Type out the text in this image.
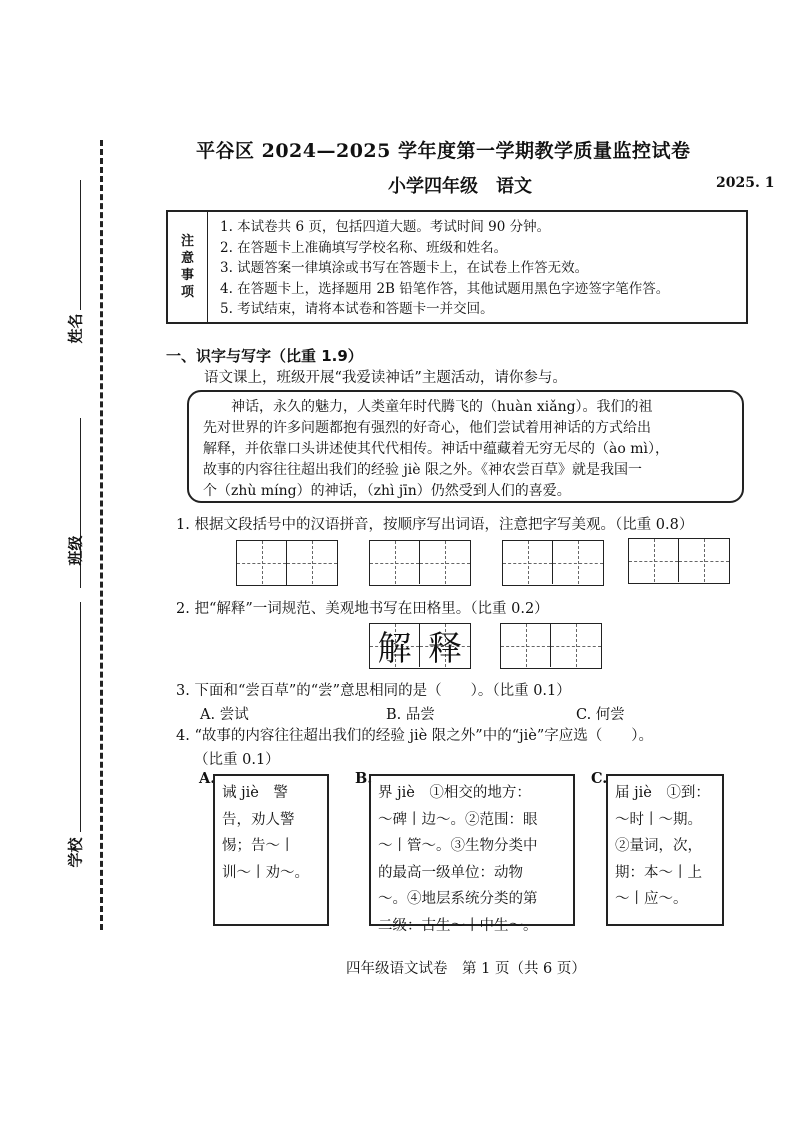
姓名
班级
学校
平谷区 2024—2025 学年度第一学期教学质量监控试卷
小学四年级　语文	2025. 1
注
意
事
项
1. 本试卷共 6 页，包括四道大题。考试时间 90 分钟。
2. 在答题卡上准确填写学校名称、班级和姓名。
3. 试题答案一律填涂或书写在答题卡上，在试卷上作答无效。
4. 在答题卡上，选择题用 2B 铅笔作答，其他试题用黑色字迹签字笔作答。
5. 考试结束，请将本试卷和答题卡一并交回。
一、识字与写字（比重 1.9）
语文课上，班级开展“我爱读神话”主题活动，请你参与。
　　神话，永久的魅力，人类童年时代腾飞的（huàn xiǎng）。我们的祖
先对世界的许多问题都抱有强烈的好奇心，他们尝试着用神话的方式给出
解释，并依靠口头讲述使其代代相传。神话中蕴藏着无穷无尽的（ào mì），
故事的内容往往超出我们的经验 jiè 限之外。《神农尝百草》就是我国一
个（zhù míng）的神话，（zhì jīn）仍然受到人们的喜爱。
1. 根据文段括号中的汉语拼音，按顺序写出词语，注意把字写美观。（比重 0.8）
2. 把“解释”一词规范、美观地书写在田格里。（比重 0.2）
解 释
3. 下面和“尝百草”的“尝”意思相同的是（　　）。（比重 0.1）
A. 尝试	B. 品尝	C. 何尝
4. “故事的内容往往超出我们的经验 jiè 限之外”中的“jiè”字应选（　　）。
（比重 0.1）
A.
诫 jiè　警
告，劝人警
惕；告～丨
训～丨劝～。
B.
界 jiè　①相交的地方：
～碑丨边～。②范围：眼
～丨管～。③生物分类中
的最高一级单位：动物
～。④地层系统分类的第
二级：古生～丨中生～。
C.
届 jiè　①到：
～时丨～期。
②量词，次，
期：本～丨上
～丨应～。
四年级语文试卷　第 1 页（共 6 页）
